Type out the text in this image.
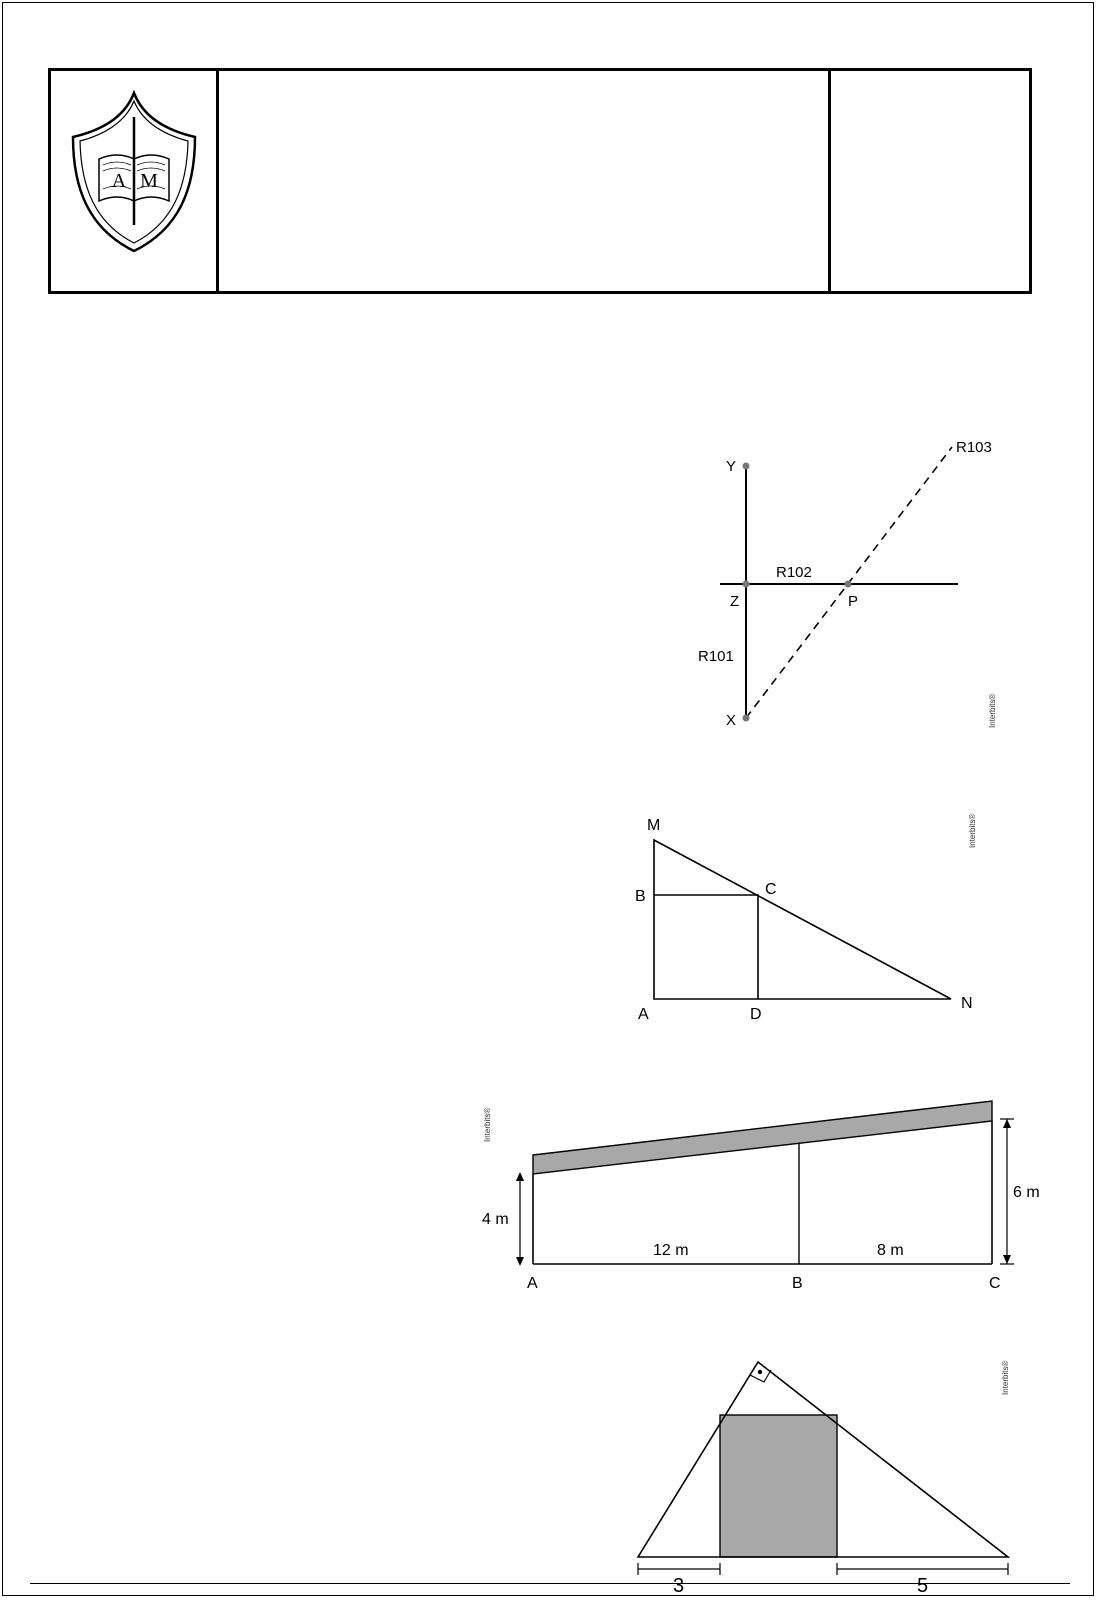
A M
Y
Z	P
X
R101
R102
R103
Interbits®
M
B	C
A	D
N
Interbits®
4 m
12 m	8 m
6 m
A	B	C
Interbits®
Interbits®
3	5
